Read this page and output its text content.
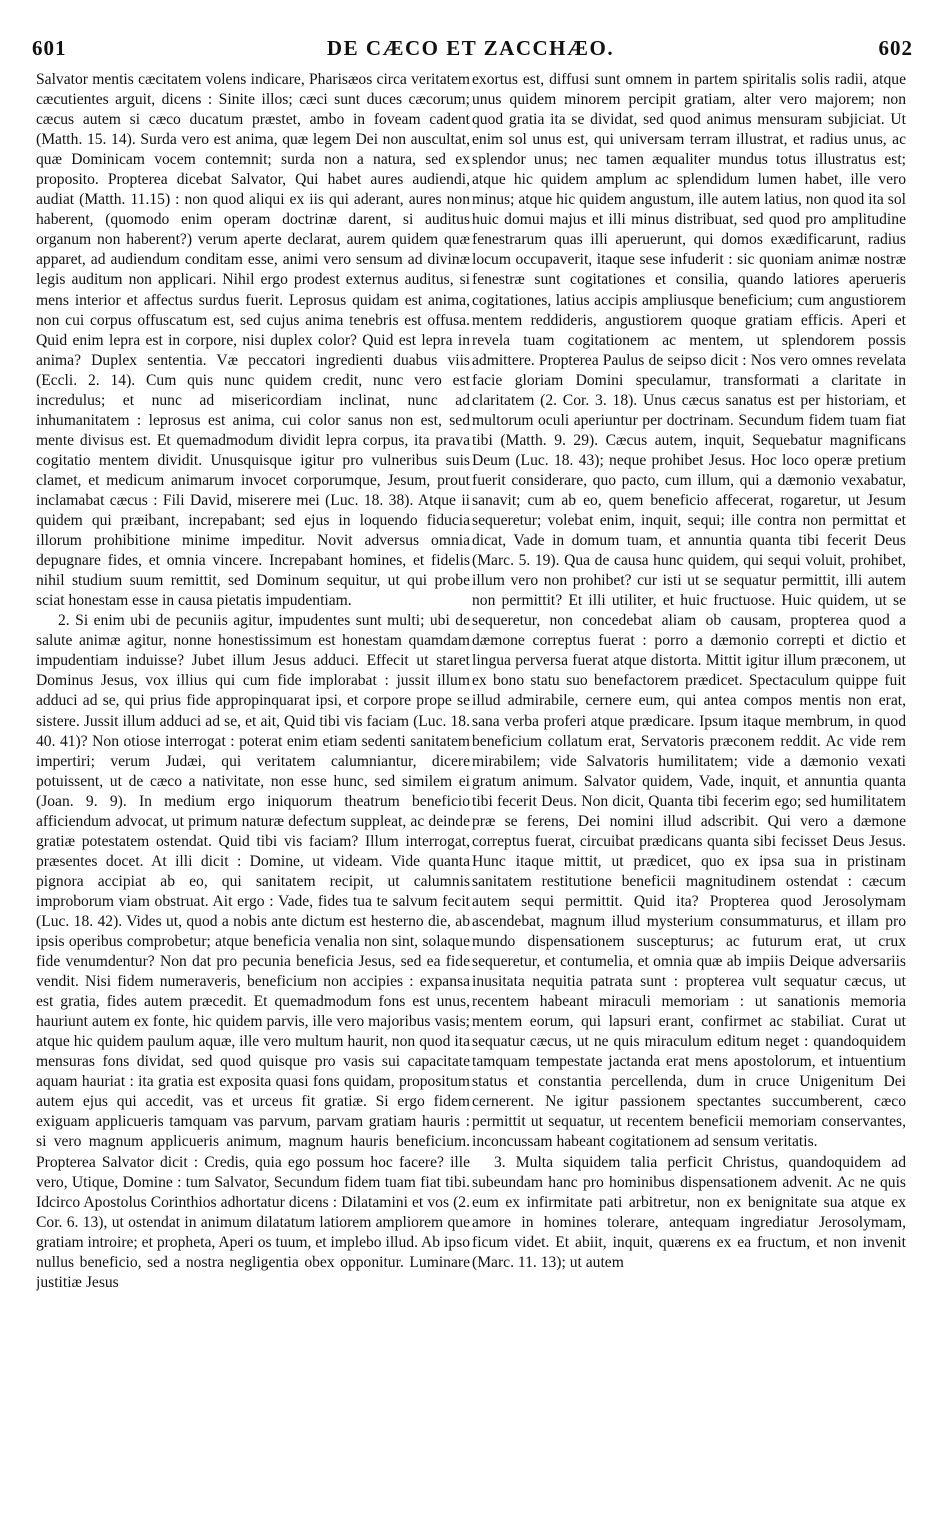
601	DE CÆCO ET ZACCHÆO.	602

Salvator mentis cæcitatem volens indicare, Pharisæos circa veritatem cæcutientes arguit, dicens : Sinite illos; cæci sunt duces cæcorum; cæcus autem si cæco ducatum præstet, ambo in foveam cadent (Matth. 15. 14). Surda vero est anima, quæ legem Dei non auscultat, quæ Dominicam vocem contemnit; surda non a natura, sed ex proposito. Propterea dicebat Salvator, Qui habet aures audiendi, audiat (Matth. 11.15) : non quod aliqui ex iis qui aderant, aures non haberent, (quomodo enim operam doctrinæ darent, si auditus organum non haberent?) verum aperte declarat, aurem quidem quæ apparet, ad audiendum conditam esse, animi vero sensum ad divinæ legis auditum non applicari. Nihil ergo prodest externus auditus, si mens interior et affectus surdus fuerit. Leprosus quidam est anima, non cui corpus offuscatum est, sed cujus anima tenebris est offusa. Quid enim lepra est in corpore, nisi duplex color? Quid est lepra in anima? Duplex sententia. Væ peccatori ingredienti duabus viis (Eccli. 2. 14). Cum quis nunc quidem credit, nunc vero est incredulus; et nunc ad misericordiam inclinat, nunc ad inhumanitatem : leprosus est anima, cui color sanus non est, sed mente divisus est. Et quemadmodum dividit lepra corpus, ita prava cogitatio mentem dividit. Unusquisque igitur pro vulneribus suis clamet, et medicum animarum invocet corporumque, Jesum, prout inclamabat cæcus : Fili David, miserere mei (Luc. 18. 38). Atque ii quidem qui præibant, increpabant; sed ejus in loquendo fiducia illorum prohibitione minime impeditur. Novit adversus omnia depugnare fides, et omnia vincere. Increpabant homines, et fidelis nihil studium suum remittit, sed Dominum sequitur, ut qui probe sciat honestam esse in causa pietatis impudentiam.

2. Si enim ubi de pecuniis agitur, impudentes sunt multi; ubi de salute animæ agitur, nonne honestissimum est honestam quamdam impudentiam induisse? Jubet illum Jesus adduci. Effecit ut staret Dominus Jesus, vox illius qui cum fide implorabat : jussit illum adduci ad se, qui prius fide appropinquarat ipsi, et corpore prope se sistere. Jussit illum adduci ad se, et ait, Quid tibi vis faciam (Luc. 18. 40. 41)? Non otiose interrogat : poterat enim etiam sedenti sanitatem impertiri; verum Judæi, qui veritatem calumniantur, dicere potuissent, ut de cæco a nativitate, non esse hunc, sed similem ei (Joan. 9. 9). In medium ergo iniquorum theatrum beneficio afficiendum advocat, ut primum naturæ defectum suppleat, ac deinde gratiæ potestatem ostendat. Quid tibi vis faciam? Illum interrogat, præsentes docet. At illi dicit : Domine, ut videam. Vide quanta pignora accipiat ab eo, qui sanitatem recipit, ut calumnis improborum viam obstruat. Ait ergo : Vade, fides tua te salvum fecit (Luc. 18. 42). Vides ut, quod a nobis ante dictum est hesterno die, ab ipsis operibus comprobetur; atque beneficia venalia non sint, solaque fide venumdentur? Non dat pro pecunia beneficia Jesus, sed ea fide vendit. Nisi fidem numeraveris, beneficium non accipies : expansa est gratia, fides autem præcedit. Et quemadmodum fons est unus, hauriunt autem ex fonte, hic quidem parvis, ille vero majoribus vasis; atque hic quidem paulum aquæ, ille vero multum haurit, non quod ita mensuras fons dividat, sed quod quisque pro vasis sui capacitate aquam hauriat : ita gratia est exposita quasi fons quidam, propositum autem ejus qui accedit, vas et urceus fit gratiæ. Si ergo fidem exiguam applicueris tamquam vas parvum, parvam gratiam hauris : si vero magnum applicueris animum, magnum hauris beneficium. Propterea Salvator dicit : Credis, quia ego possum hoc facere? ille vero, Utique, Domine : tum Salvator, Secundum fidem tuam fiat tibi. Idcirco Apostolus Corinthios adhortatur dicens : Dilatamini et vos (2. Cor. 6. 13), ut ostendat in animum dilatatum latiorem ampliorem que gratiam introire; et propheta, Aperi os tuum, et implebo illud. Ab ipso nullus beneficio, sed a nostra negligentia obex opponitur. Luminare justitiæ Jesus

exortus est, diffusi sunt omnem in partem spiritalis solis radii, atque unus quidem minorem percipit gratiam, alter vero majorem; non quod gratia ita se dividat, sed quod animus mensuram subjiciat. Ut enim sol unus est, qui universam terram illustrat, et radius unus, ac splendor unus; nec tamen æqualiter mundus totus illustratus est; atque hic quidem amplum ac splendidum lumen habet, ille vero minus; atque hic quidem angustum, ille autem latius, non quod ita sol huic domui majus et illi minus distribuat, sed quod pro amplitudine fenestrarum quas illi aperuerunt, qui domos exædificarunt, radius locum occupaverit, itaque sese infuderit : sic quoniam animæ nostræ fenestræ sunt cogitationes et consilia, quando latiores aperueris cogitationes, latius accipis ampliusque beneficium; cum angustiorem mentem reddideris, angustiorem quoque gratiam efficis. Aperi et revela tuam cogitationem ac mentem, ut splendorem possis admittere. Propterea Paulus de seipso dicit : Nos vero omnes revelata facie gloriam Domini speculamur, transformati a claritate in claritatem (2. Cor. 3. 18). Unus cæcus sanatus est per historiam, et multorum oculi aperiuntur per doctrinam. Secundum fidem tuam fiat tibi (Matth. 9. 29). Cæcus autem, inquit, Sequebatur magnificans Deum (Luc. 18. 43); neque prohibet Jesus. Hoc loco operæ pretium fuerit considerare, quo pacto, cum illum, qui a dæmonio vexabatur, sanavit; cum ab eo, quem beneficio affecerat, rogaretur, ut Jesum sequeretur; volebat enim, inquit, sequi; ille contra non permittat et dicat, Vade in domum tuam, et annuntia quanta tibi fecerit Deus (Marc. 5. 19). Qua de causa hunc quidem, qui sequi voluit, prohibet, illum vero non prohibet? cur isti ut se sequatur permittit, illi autem non permittit? Et illi utiliter, et huic fructuose. Huic quidem, ut se sequeretur, non concedebat aliam ob causam, propterea quod a dæmone correptus fuerat : porro a dæmonio correpti et dictio et lingua perversa fuerat atque distorta. Mittit igitur illum præconem, ut ex bono statu suo benefactorem prædicet. Spectaculum quippe fuit illud admirabile, cernere eum, qui antea compos mentis non erat, sana verba proferi atque prædicare. Ipsum itaque membrum, in quod beneficium collatum erat, Servatoris præconem reddit. Ac vide rem mirabilem; vide Salvatoris humilitatem; vide a dæmonio vexati gratum animum. Salvator quidem, Vade, inquit, et annuntia quanta tibi fecerit Deus. Non dicit, Quanta tibi fecerim ego; sed humilitatem præ se ferens, Dei nomini illud adscribit. Qui vero a dæmone correptus fuerat, circuibat prædicans quanta sibi fecisset Deus Jesus. Hunc itaque mittit, ut prædicet, quo ex ipsa sua in pristinam sanitatem restitutione beneficii magnitudinem ostendat : cæcum autem sequi permittit. Quid ita? Propterea quod Jerosolymam ascendebat, magnum illud mysterium consummaturus, et illam pro mundo dispensationem suscepturus; ac futurum erat, ut crux sequeretur, et contumelia, et omnia quæ ab impiis Deique adversariis inusitata nequitia patrata sunt : propterea vult sequatur cæcus, ut recentem habeant miraculi memoriam : ut sanationis memoria mentem eorum, qui lapsuri erant, confirmet ac stabiliat. Curat ut sequatur cæcus, ut ne quis miraculum editum neget : quandoquidem tamquam tempestate jactanda erat mens apostolorum, et intuentium status et constantia percellenda, dum in cruce Unigenitum Dei cernerent. Ne igitur passionem spectantes succumberent, cæco permittit ut sequatur, ut recentem beneficii memoriam conservantes, inconcussam habeant cogitationem ad sensum veritatis.

3. Multa siquidem talia perficit Christus, quandoquidem ad subeundam hanc pro hominibus dispensationem advenit. Ac ne quis eum ex infirmitate pati arbitretur, non ex benignitate sua atque ex amore in homines tolerare, antequam ingrediatur Jerosolymam, ficum videt. Et abiit, inquit, quærens ex ea fructum, et non invenit (Marc. 11. 13); ut autem
